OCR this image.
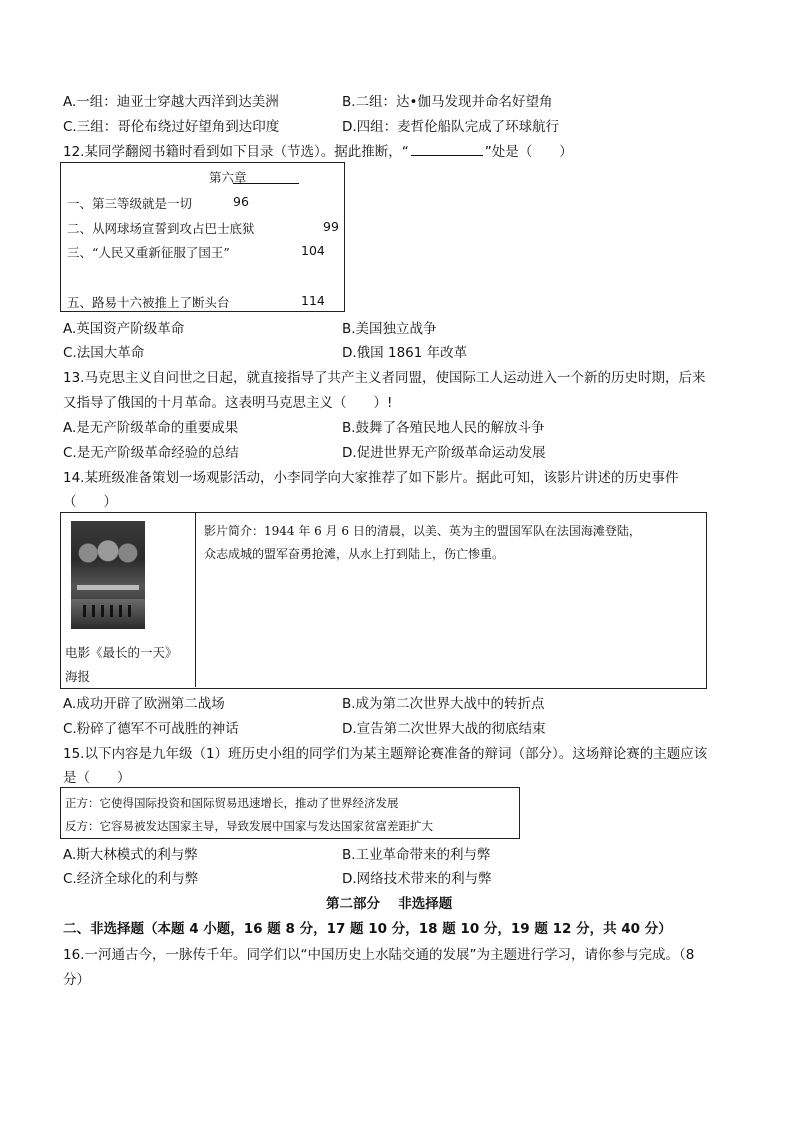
A.一组：迪亚士穿越大西洋到达美洲	B.二组：达•伽马发现并命名好望角
C.三组：哥伦布绕过好望角到达印度	D.四组：麦哲伦船队完成了环球航行
12.某同学翻阅书籍时看到如下目录（节选）。据此推断，“	”处是（　　）
第六章
一、第三等级就是一切	96
二、从网球场宣誓到攻占巴士底狱	99
三、“人民又重新征服了国王”	104
五、路易十六被推上了断头台	114
A.英国资产阶级革命	B.美国独立战争
C.法国大革命	D.俄国 1861 年改革
13.马克思主义自问世之日起，就直接指导了共产主义者同盟，使国际工人运动进入一个新的历史时期，后来
又指导了俄国的十月革命。这表明马克思主义（　　）!
A.是无产阶级革命的重要成果	B.鼓舞了各殖民地人民的解放斗争
C.是无产阶级革命经验的总结	D.促进世界无产阶级革命运动发展
14.某班级准备策划一场观影活动，小李同学向大家推荐了如下影片。据此可知，该影片讲述的历史事件
（　　）
电影《最长的一天》
海报
影片简介：1944 年 6 月 6 日的清晨，以美、英为主的盟国军队在法国海滩登陆，
众志成城的盟军奋勇抢滩，从水上打到陆上，伤亡惨重。
A.成功开辟了欧洲第二战场	B.成为第二次世界大战中的转折点
C.粉碎了德军不可战胜的神话	D.宣告第二次世界大战的彻底结束
15.以下内容是九年级（1）班历史小组的同学们为某主题辩论赛准备的辩词（部分）。这场辩论赛的主题应该
是（　　）
正方：它使得国际投资和国际贸易迅速增长，推动了世界经济发展
反方：它容易被发达国家主导，导致发展中国家与发达国家贫富差距扩大
A.斯大林模式的利与弊	B.工业革命带来的利与弊
C.经济全球化的利与弊	D.网络技术带来的利与弊
第二部分　 非选择题
二、非选择题（本题 4 小题，16 题 8 分，17 题 10 分，18 题 10 分，19 题 12 分，共 40 分）
16.一河通古今，一脉传千年。同学们以“中国历史上水陆交通的发展”为主题进行学习，请你参与完成。（8
分）
